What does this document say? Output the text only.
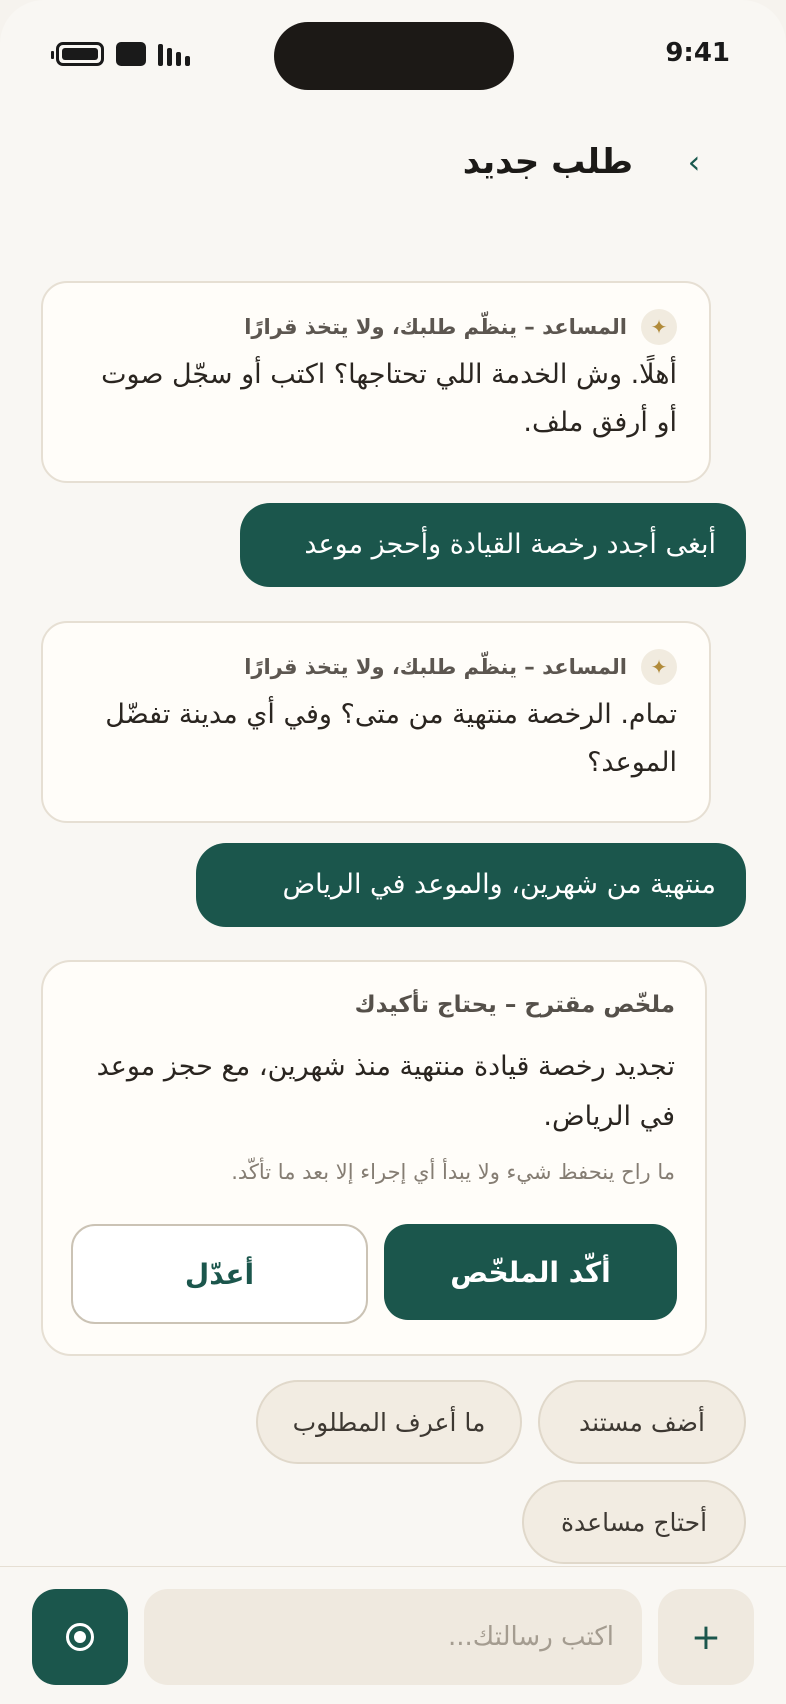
9:41
طلب جديد ›
✦
المساعد – ينظّم طلبك، ولا يتخذ قرارًا
أهلًا. وش الخدمة اللي تحتاجها؟ اكتب أو سجّل صوت أو أرفق ملف.
أبغى أجدد رخصة القيادة وأحجز موعد
✦
المساعد – ينظّم طلبك، ولا يتخذ قرارًا
تمام. الرخصة منتهية من متى؟ وفي أي مدينة تفضّل الموعد؟
منتهية من شهرين، والموعد في الرياض
ملخّص مقترح – يحتاج تأكيدك
تجديد رخصة قيادة منتهية منذ شهرين، مع حجز موعد في الرياض.
ما راح ينحفظ شيء ولا يبدأ أي إجراء إلا بعد ما تأكّد.
أكّد الملخّص
أعدّل
أضف مستند
ما أعرف المطلوب
أحتاج مساعدة
+
اكتب رسالتك...
